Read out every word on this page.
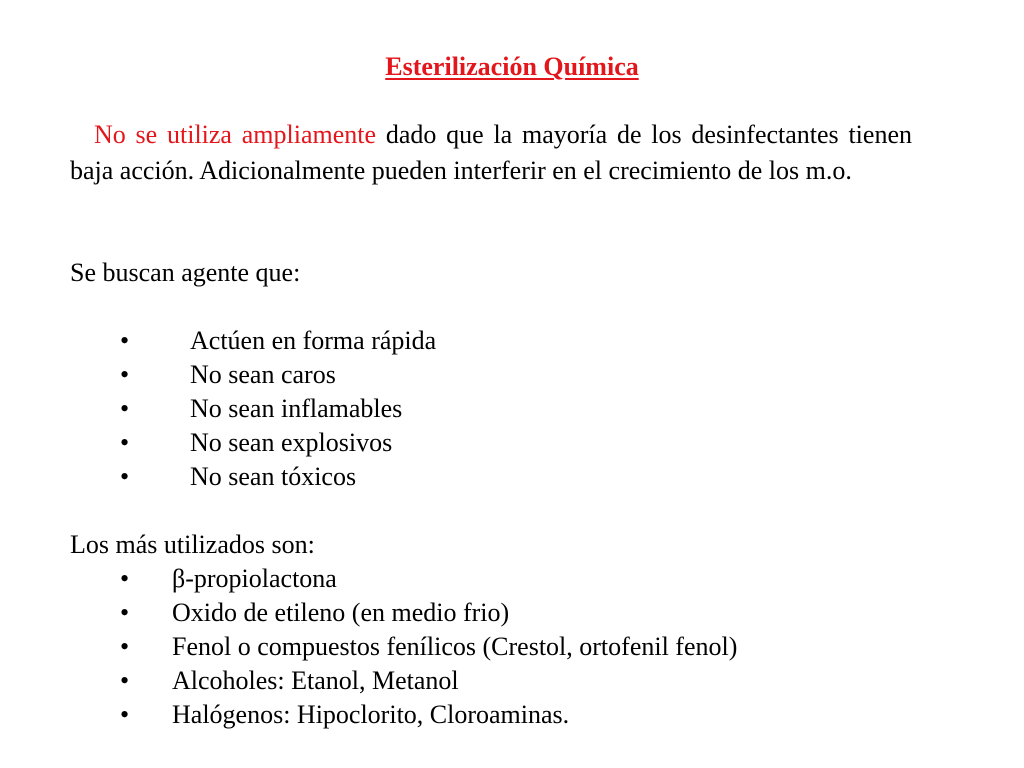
Esterilización Química

No se utiliza ampliamente dado que la mayoría de los desinfectantes tienen baja acción. Adicionalmente pueden interferir en el crecimiento de los m.o.

Se buscan agente que:
• Actúen en forma rápida
• No sean caros
• No sean inflamables
• No sean explosivos
• No sean tóxicos
Los más utilizados son:
• β-propiolactona
• Oxido de etileno (en medio frio)
• Fenol o compuestos fenílicos (Crestol, ortofenil fenol)
• Alcoholes: Etanol, Metanol
• Halógenos: Hipoclorito, Cloroaminas.
